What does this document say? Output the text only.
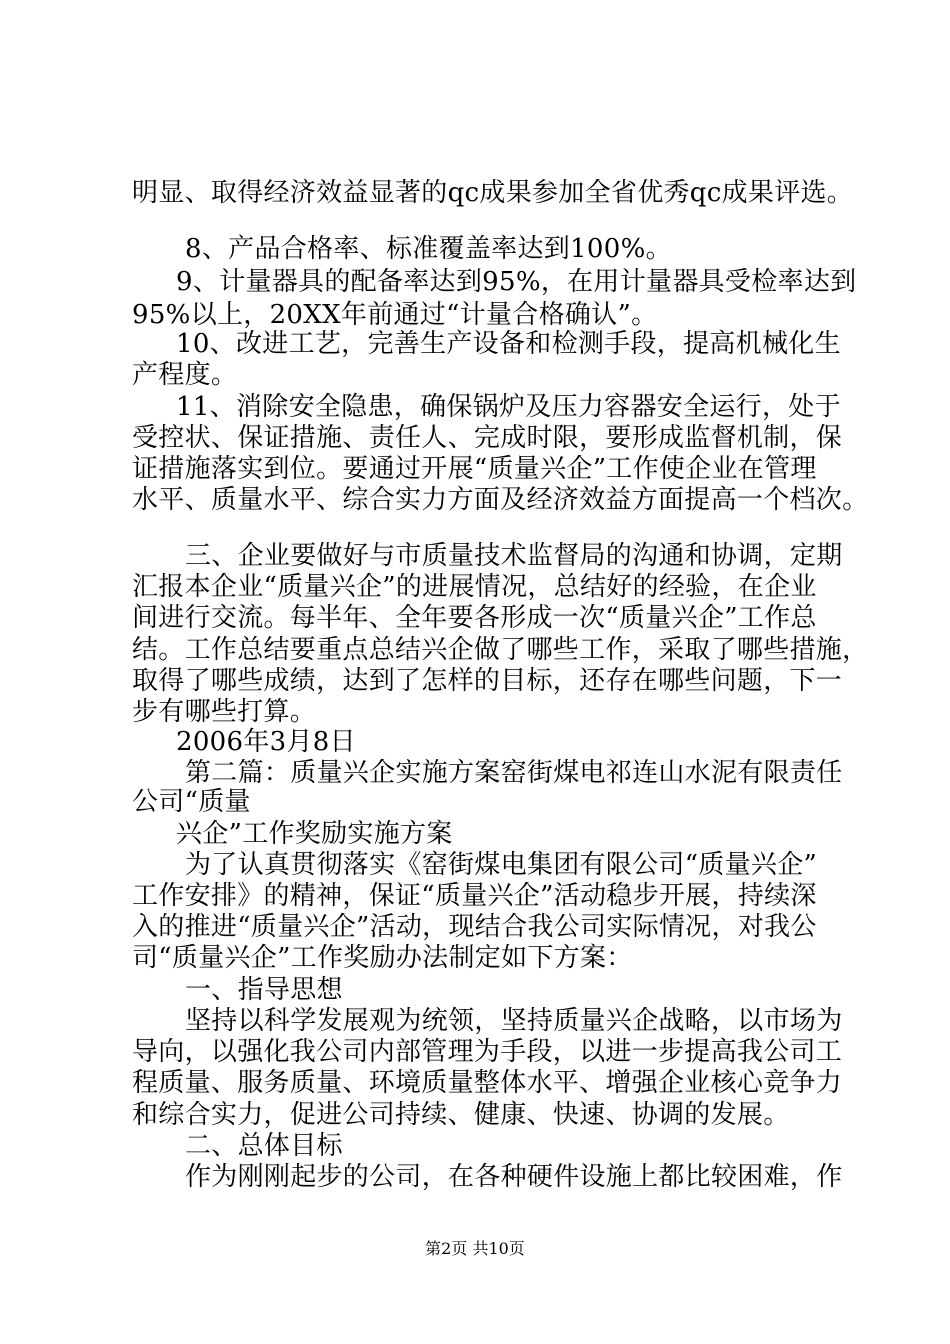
明显、取得经济效益显著的qc成果参加全省优秀qc成果评选。
8、产品合格率、标准覆盖率达到100%。
9、计量器具的配备率达到95%，在用计量器具受检率达到
95%以上，20XX年前通过“计量合格确认”。
10、改进工艺，完善生产设备和检测手段，提高机械化生
产程度。
11、消除安全隐患，确保锅炉及压力容器安全运行，处于
受控状、保证措施、责任人、完成时限，要形成监督机制，保
证措施落实到位。要通过开展“质量兴企”工作使企业在管理
水平、质量水平、综合实力方面及经济效益方面提高一个档次。
三、企业要做好与市质量技术监督局的沟通和协调，定期
汇报本企业“质量兴企”的进展情况，总结好的经验，在企业
间进行交流。每半年、全年要各形成一次“质量兴企”工作总
结。工作总结要重点总结兴企做了哪些工作，采取了哪些措施，
取得了哪些成绩，达到了怎样的目标，还存在哪些问题，下一
步有哪些打算。
2006年3月8日
第二篇：质量兴企实施方案窑街煤电祁连山水泥有限责任
公司“质量
兴企”工作奖励实施方案
为了认真贯彻落实《窑街煤电集团有限公司“质量兴企”
工作安排》的精神，保证“质量兴企”活动稳步开展，持续深
入的推进“质量兴企”活动，现结合我公司实际情况，对我公
司“质量兴企”工作奖励办法制定如下方案：
一、指导思想
坚持以科学发展观为统领，坚持质量兴企战略，以市场为
导向，以强化我公司内部管理为手段，以进一步提高我公司工
程质量、服务质量、环境质量整体水平、增强企业核心竞争力
和综合实力，促进公司持续、健康、快速、协调的发展。
二、总体目标
作为刚刚起步的公司，在各种硬件设施上都比较困难，作
第2页 共10页
